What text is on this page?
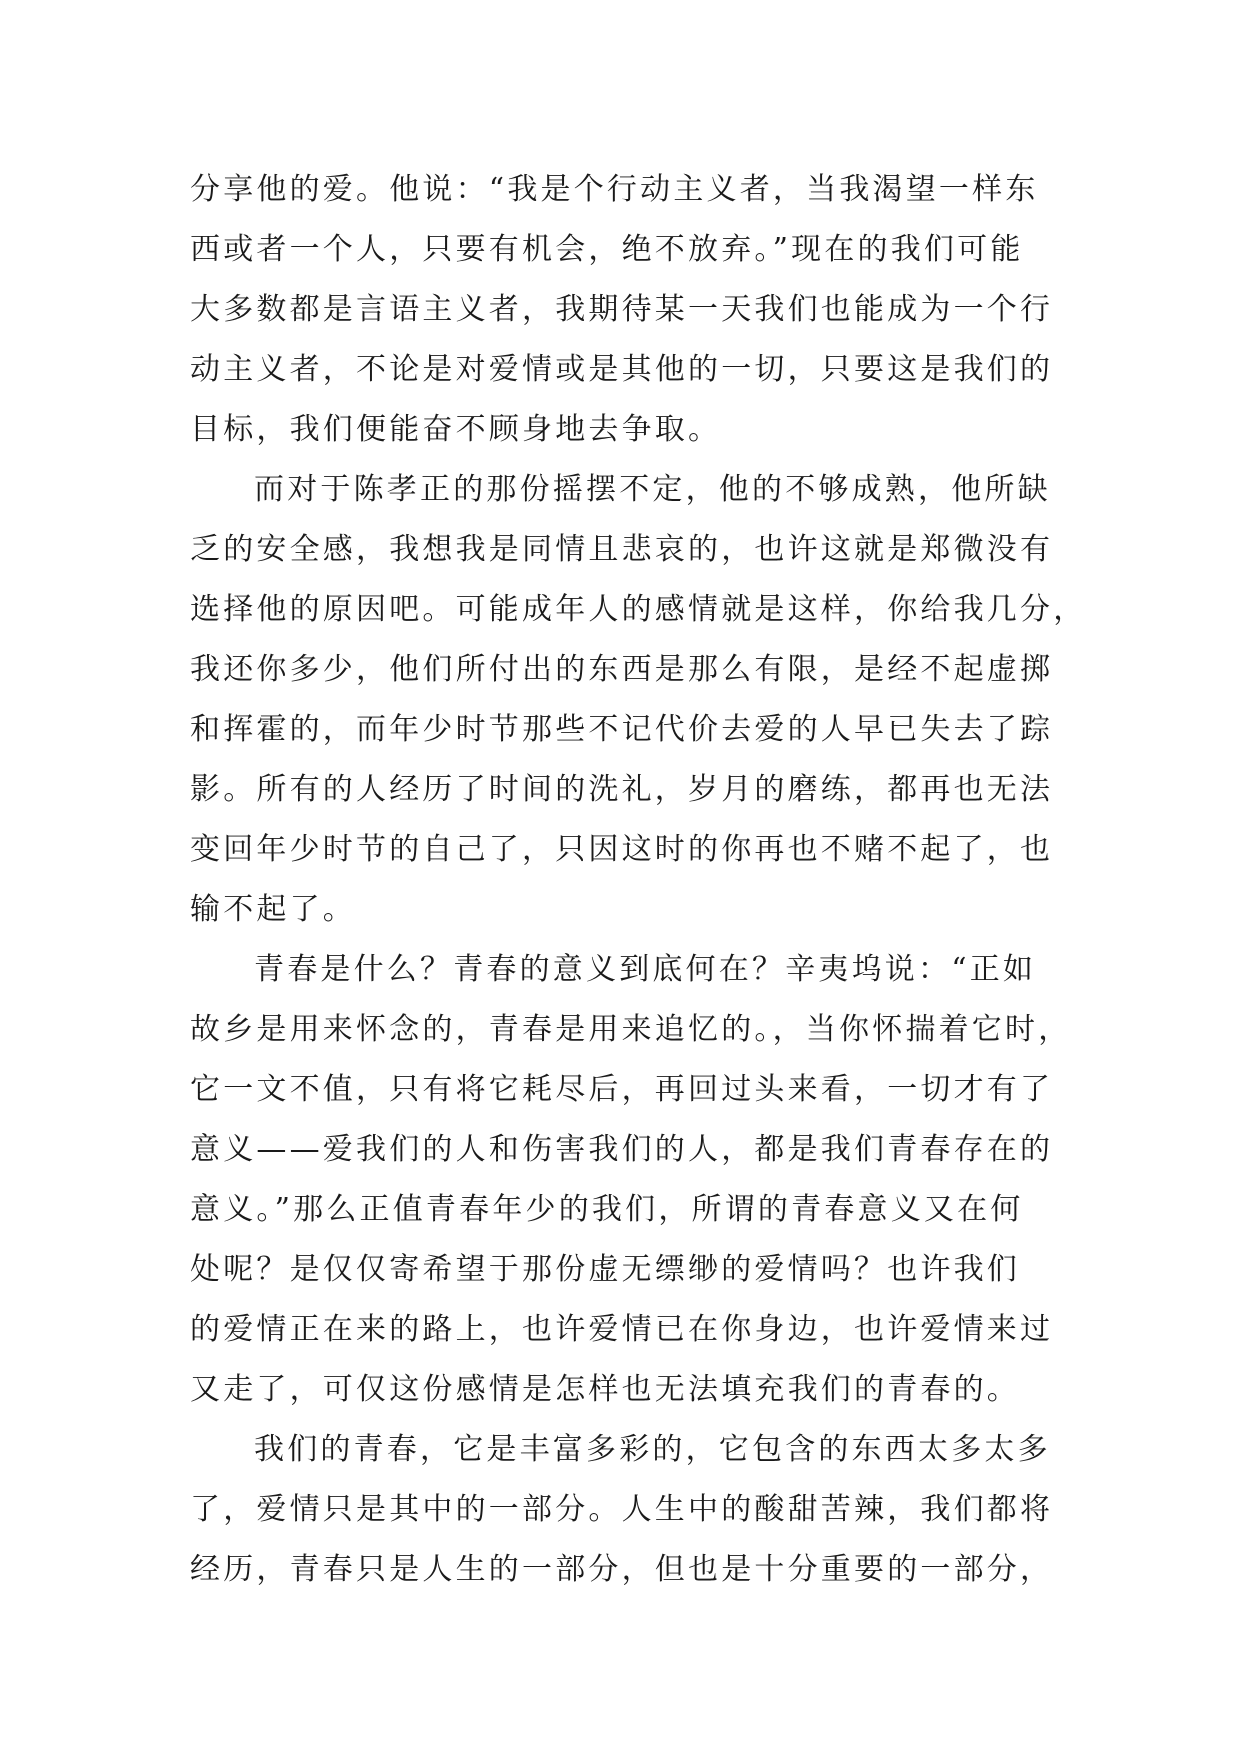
分享他的爱。他说：“我是个行动主义者，当我渴望一样东
西或者一个人，只要有机会，绝不放弃。”现在的我们可能
大多数都是言语主义者，我期待某一天我们也能成为一个行
动主义者，不论是对爱情或是其他的一切，只要这是我们的
目标，我们便能奋不顾身地去争取。
而对于陈孝正的那份摇摆不定，他的不够成熟，他所缺
乏的安全感，我想我是同情且悲哀的，也许这就是郑微没有
选择他的原因吧。可能成年人的感情就是这样，你给我几分，
我还你多少，他们所付出的东西是那么有限，是经不起虚掷
和挥霍的，而年少时节那些不记代价去爱的人早已失去了踪
影。所有的人经历了时间的洗礼，岁月的磨练，都再也无法
变回年少时节的自己了，只因这时的你再也不赌不起了，也
输不起了。
青春是什么？青春的意义到底何在？辛夷坞说：“正如
故乡是用来怀念的，青春是用来追忆的。，当你怀揣着它时，
它一文不值，只有将它耗尽后，再回过头来看，一切才有了
意义——爱我们的人和伤害我们的人，都是我们青春存在的
意义。”那么正值青春年少的我们，所谓的青春意义又在何
处呢？是仅仅寄希望于那份虚无缥缈的爱情吗？也许我们
的爱情正在来的路上，也许爱情已在你身边，也许爱情来过
又走了，可仅这份感情是怎样也无法填充我们的青春的。
我们的青春，它是丰富多彩的，它包含的东西太多太多
了，爱情只是其中的一部分。人生中的酸甜苦辣，我们都将
经历，青春只是人生的一部分，但也是十分重要的一部分，
